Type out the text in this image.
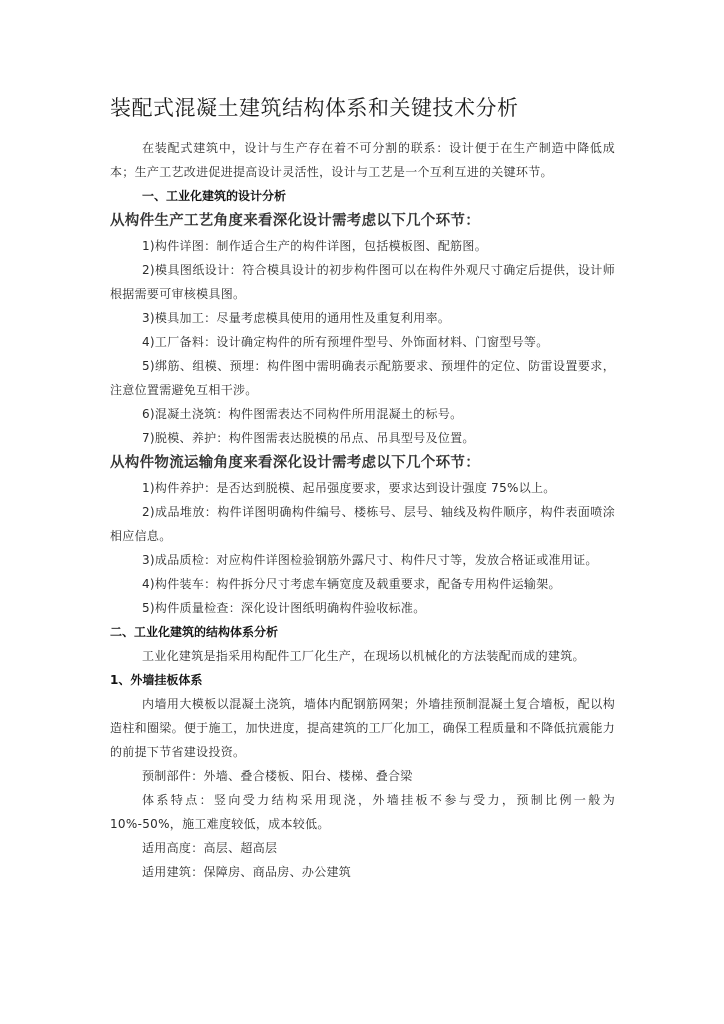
装配式混凝土建筑结构体系和关键技术分析

在装配式建筑中，设计与生产存在着不可分割的联系：设计便于在生产制造中降低成本；生产工艺改进促进提高设计灵活性，设计与工艺是一个互利互进的关键环节。

一、工业化建筑的设计分析

从构件生产工艺角度来看深化设计需考虑以下几个环节：

1)构件详图：制作适合生产的构件详图，包括模板图、配筋图。

2)模具图纸设计：符合模具设计的初步构件图可以在构件外观尺寸确定后提供，设计师根据需要可审核模具图。

3)模具加工：尽量考虑模具使用的通用性及重复利用率。

4)工厂备料：设计确定构件的所有预埋件型号、外饰面材料、门窗型号等。

5)绑筋、组模、预埋：构件图中需明确表示配筋要求、预埋件的定位、防雷设置要求，注意位置需避免互相干涉。

6)混凝土浇筑：构件图需表达不同构件所用混凝土的标号。

7)脱模、养护：构件图需表达脱模的吊点、吊具型号及位置。

从构件物流运输角度来看深化设计需考虑以下几个环节：

1)构件养护：是否达到脱模、起吊强度要求，要求达到设计强度 75%以上。

2)成品堆放：构件详图明确构件编号、楼栋号、层号、轴线及构件顺序，构件表面喷涂相应信息。

3)成品质检：对应构件详图检验钢筋外露尺寸、构件尺寸等，发放合格证或准用证。

4)构件装车：构件拆分尺寸考虑车辆宽度及载重要求，配备专用构件运输架。

5)构件质量检查：深化设计图纸明确构件验收标准。

二、工业化建筑的结构体系分析

工业化建筑是指采用构配件工厂化生产，在现场以机械化的方法装配而成的建筑。

1、外墙挂板体系

内墙用大模板以混凝土浇筑，墙体内配钢筋网架；外墙挂预制混凝土复合墙板，配以构造柱和圈梁。便于施工，加快进度，提高建筑的工厂化加工，确保工程质量和不降低抗震能力的前提下节省建设投资。

预制部件：外墙、叠合楼板、阳台、楼梯、叠合梁

体系特点：竖向受力结构采用现浇，外墙挂板不参与受力，预制比例一般为 10%-50%，施工难度较低，成本较低。

适用高度：高层、超高层

适用建筑：保障房、商品房、办公建筑
